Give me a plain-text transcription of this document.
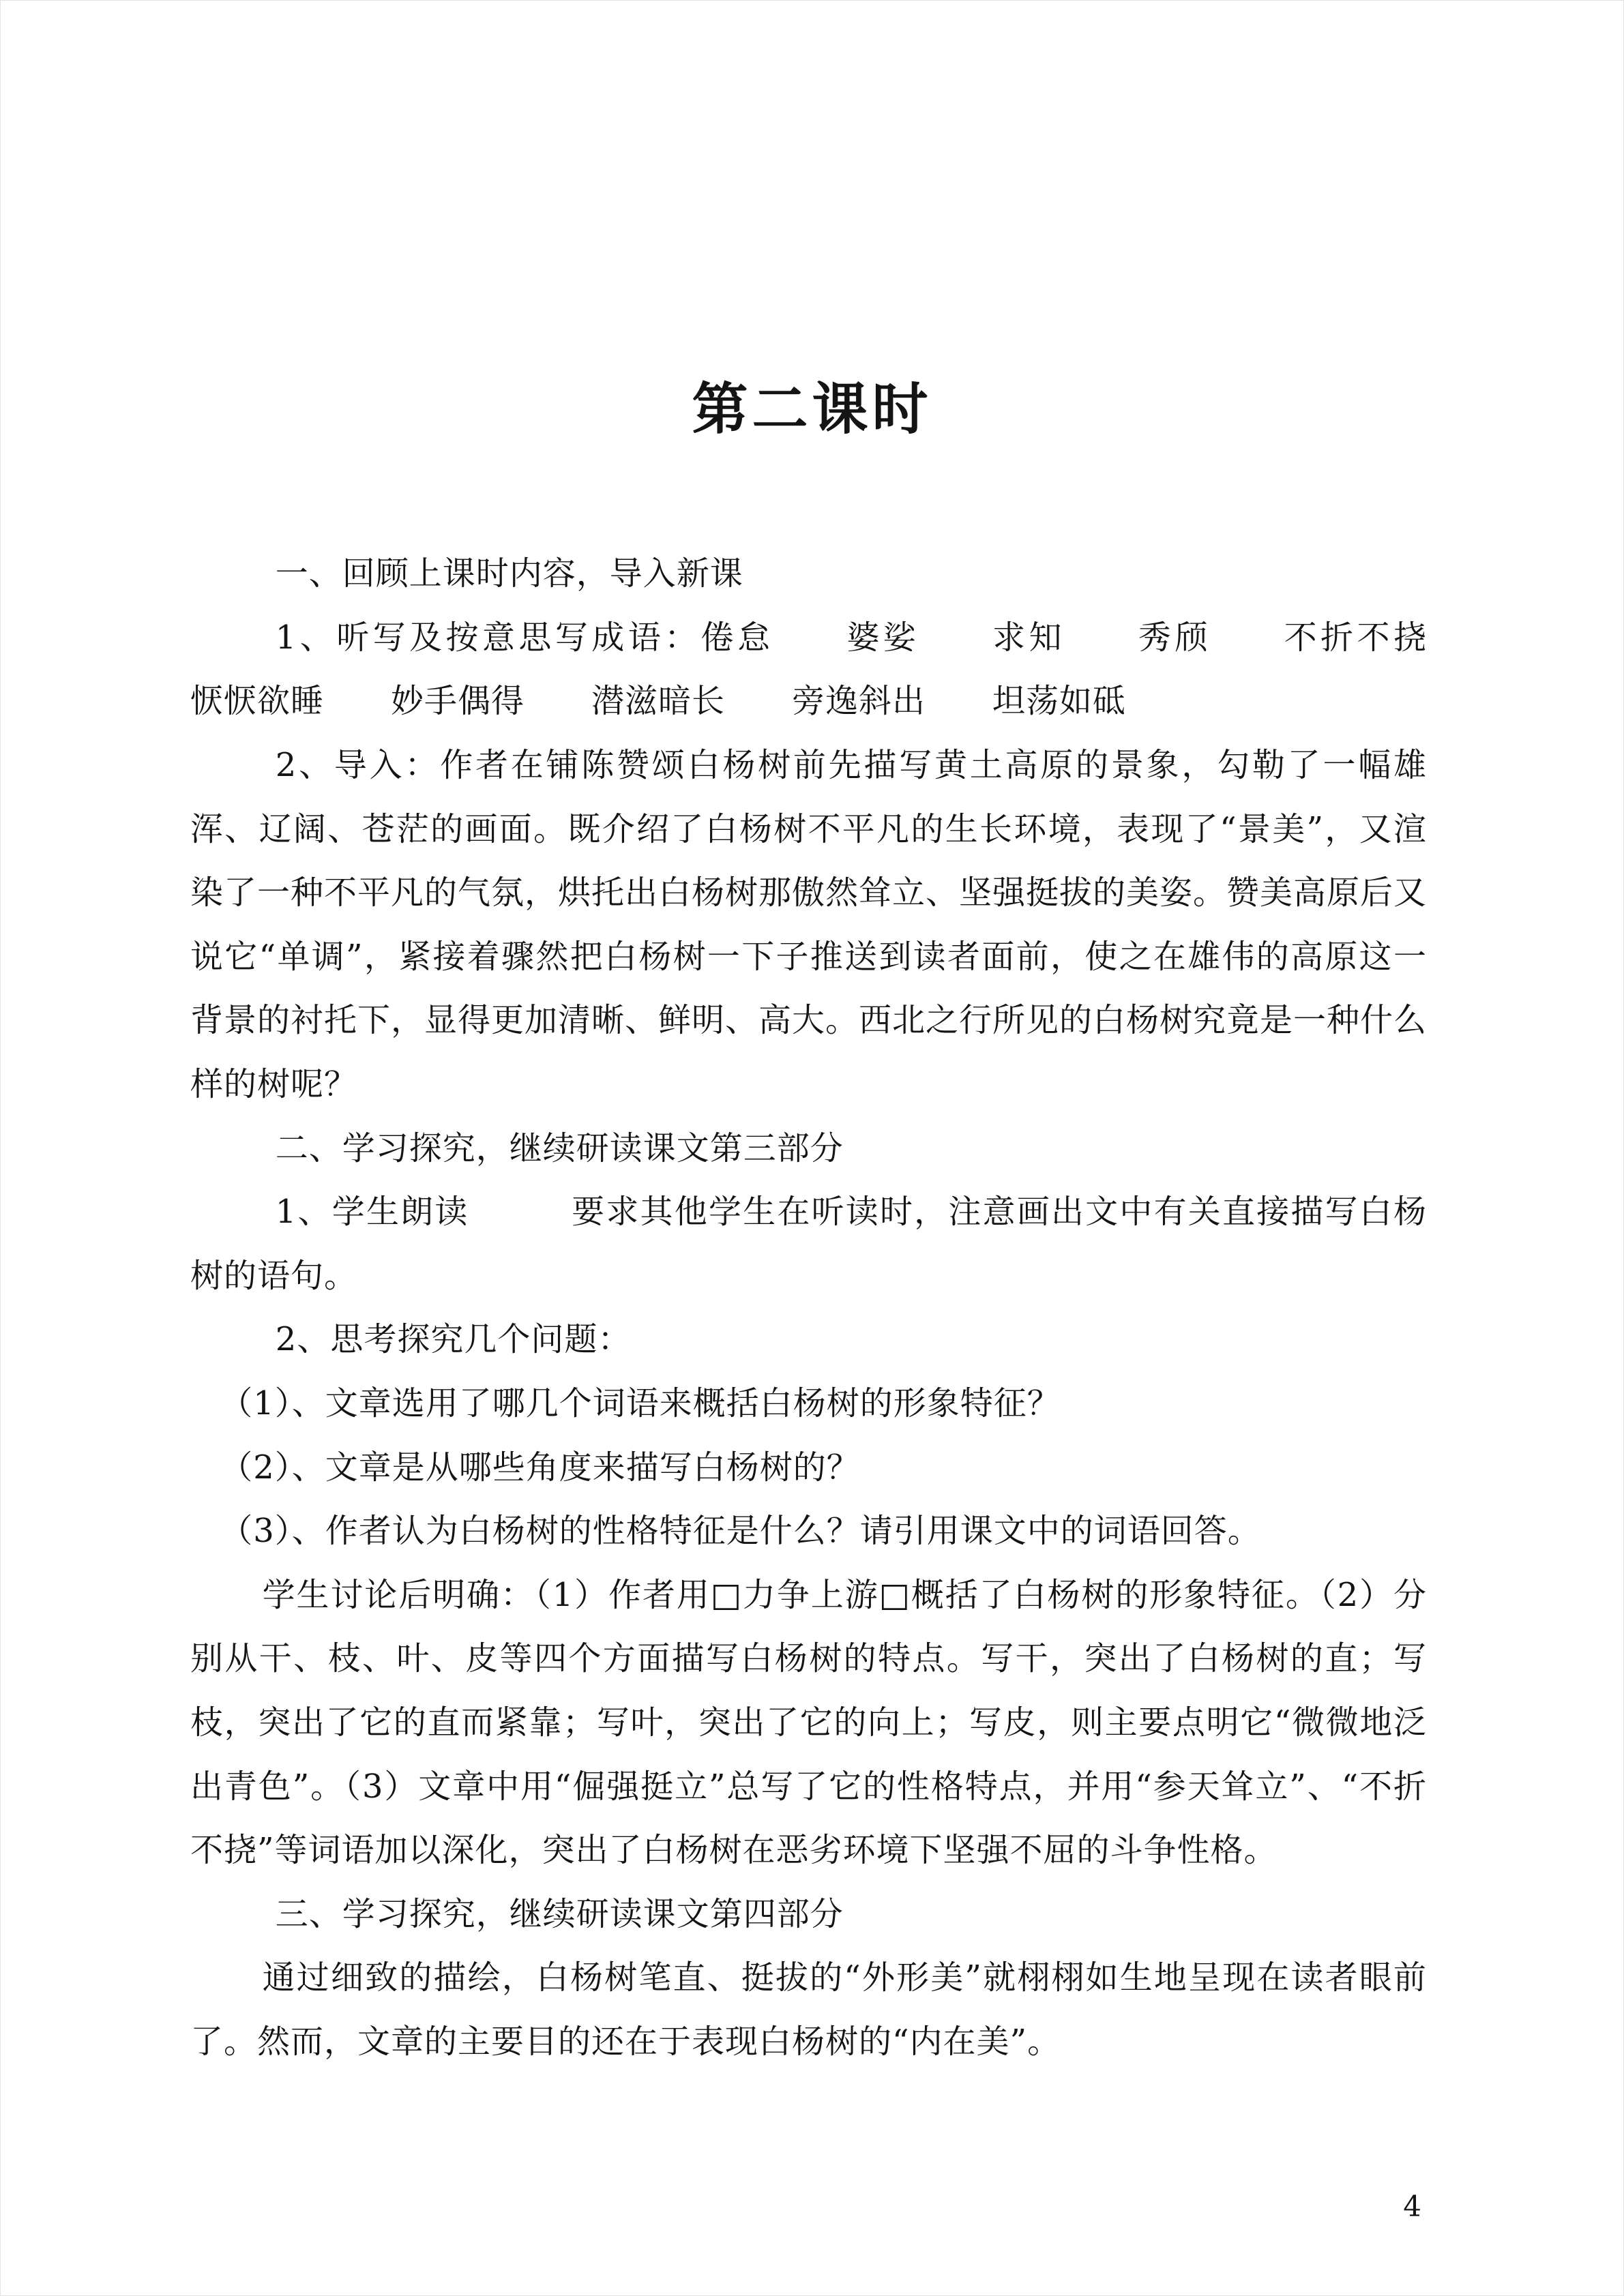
第二课时

一、回顾上课时内容，导入新课

1、听写及按意思写成语：倦怠　　婆娑　　求知　　秀颀　　不折不挠　　恹恹欲睡　　妙手偶得　　潜滋暗长　　旁逸斜出　　坦荡如砥

2、导入：作者在铺陈赞颂白杨树前先描写黄土高原的景象，勾勒了一幅雄浑、辽阔、苍茫的画面。既介绍了白杨树不平凡的生长环境，表现了“景美”，又渲染了一种不平凡的气氛，烘托出白杨树那傲然耸立、坚强挺拔的美姿。赞美高原后又说它“单调”，紧接着骤然把白杨树一下子推送到读者面前，使之在雄伟的高原这一背景的衬托下，显得更加清晰、鲜明、高大。西北之行所见的白杨树究竟是一种什么样的树呢？

二、学习探究，继续研读课文第三部分

1、学生朗读　　　要求其他学生在听读时，注意画出文中有关直接描写白杨树的语句。

2、思考探究几个问题：

（1）、文章选用了哪几个词语来概括白杨树的形象特征？

（2）、文章是从哪些角度来描写白杨树的？

（3）、作者认为白杨树的性格特征是什么？请引用课文中的词语回答。

学生讨论后明确：（1）作者用□力争上游□概括了白杨树的形象特征。（2）分别从干、枝、叶、皮等四个方面描写白杨树的特点。写干，突出了白杨树的直；写枝，突出了它的直而紧靠；写叶，突出了它的向上；写皮，则主要点明它“微微地泛出青色”。（3）文章中用“倔强挺立”总写了它的性格特点，并用“参天耸立”、“不折不挠”等词语加以深化，突出了白杨树在恶劣环境下坚强不屈的斗争性格。

三、学习探究，继续研读课文第四部分

通过细致的描绘，白杨树笔直、挺拔的“外形美”就栩栩如生地呈现在读者眼前了。然而，文章的主要目的还在于表现白杨树的“内在美”。

4
